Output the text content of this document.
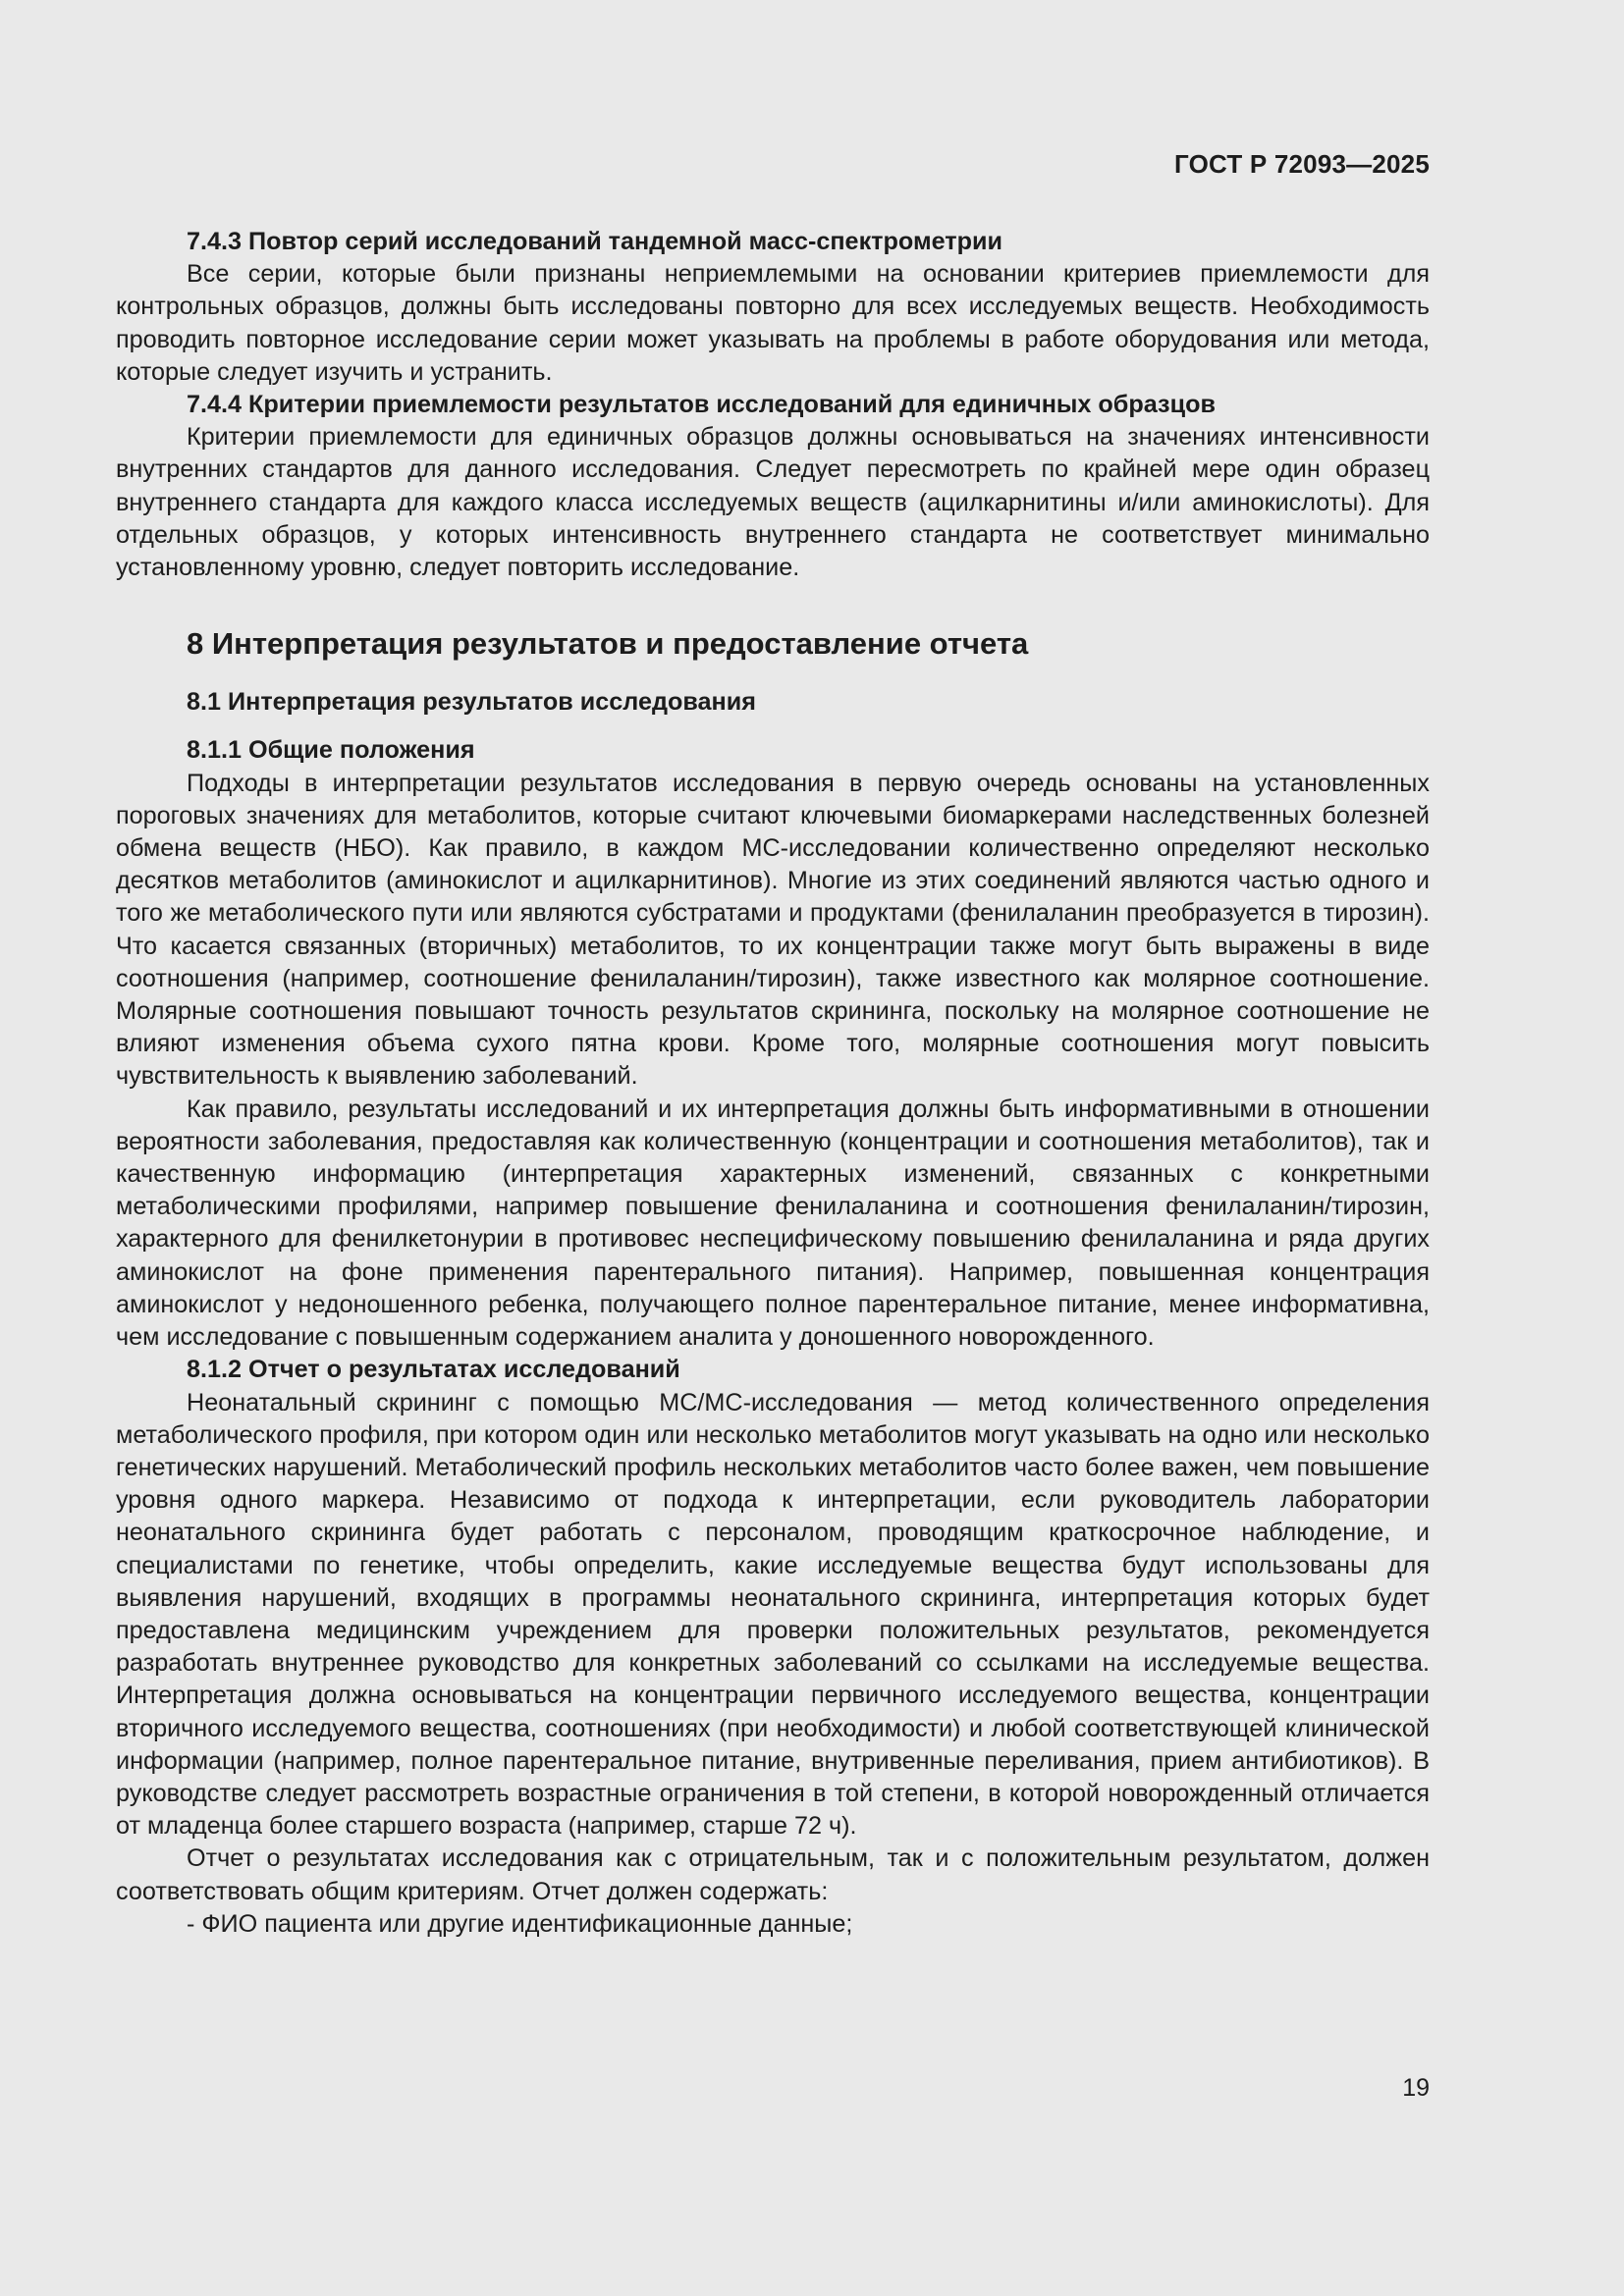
ГОСТ Р 72093—2025
7.4.3 Повтор серий исследований тандемной масс-спектрометрии

Все серии, которые были признаны неприемлемыми на основании критериев приемлемости для контрольных образцов, должны быть исследованы повторно для всех исследуемых веществ. Необходимость проводить повторное исследование серии может указывать на проблемы в работе оборудования или метода, которые следует изучить и устранить.

7.4.4 Критерии приемлемости результатов исследований для единичных образцов

Критерии приемлемости для единичных образцов должны основываться на значениях интенсивности внутренних стандартов для данного исследования. Следует пересмотреть по крайней мере один образец внутреннего стандарта для каждого класса исследуемых веществ (ацилкарнитины и/или аминокислоты). Для отдельных образцов, у которых интенсивность внутреннего стандарта не соответствует минимально установленному уровню, следует повторить исследование.

8 Интерпретация результатов и предоставление отчета
8.1 Интерпретация результатов исследования
8.1.1 Общие положения

Подходы в интерпретации результатов исследования в первую очередь основаны на установленных пороговых значениях для метаболитов, которые считают ключевыми биомаркерами наследственных болезней обмена веществ (НБО). Как правило, в каждом МС-исследовании количественно определяют несколько десятков метаболитов (аминокислот и ацилкарнитинов). Многие из этих соединений являются частью одного и того же метаболического пути или являются субстратами и продуктами (фенилаланин преобразуется в тирозин). Что касается связанных (вторичных) метаболитов, то их концентрации также могут быть выражены в виде соотношения (например, соотношение фенилаланин/тирозин), также известного как молярное соотношение. Молярные соотношения повышают точность результатов скрининга, поскольку на молярное соотношение не влияют изменения объема сухого пятна крови. Кроме того, молярные соотношения могут повысить чувствительность к выявлению заболеваний.

Как правило, результаты исследований и их интерпретация должны быть информативными в отношении вероятности заболевания, предоставляя как количественную (концентрации и соотношения метаболитов), так и качественную информацию (интерпретация характерных изменений, связанных с конкретными метаболическими профилями, например повышение фенилаланина и соотношения фенилаланин/тирозин, характерного для фенилкетонурии в противовес неспецифическому повышению фенилаланина и ряда других аминокислот на фоне применения парентерального питания). Например, повышенная концентрация аминокислот у недоношенного ребенка, получающего полное парентеральное питание, менее информативна, чем исследование с повышенным содержанием аналита у доношенного новорожденного.

8.1.2 Отчет о результатах исследований

Неонатальный скрининг с помощью МС/МС-исследования — метод количественного определения метаболического профиля, при котором один или несколько метаболитов могут указывать на одно или несколько генетических нарушений. Метаболический профиль нескольких метаболитов часто более важен, чем повышение уровня одного маркера. Независимо от подхода к интерпретации, если руководитель лаборатории неонатального скрининга будет работать с персоналом, проводящим краткосрочное наблюдение, и специалистами по генетике, чтобы определить, какие исследуемые вещества будут использованы для выявления нарушений, входящих в программы неонатального скрининга, интерпретация которых будет предоставлена медицинским учреждением для проверки положительных результатов, рекомендуется разработать внутреннее руководство для конкретных заболеваний со ссылками на исследуемые вещества. Интерпретация должна основываться на концентрации первичного исследуемого вещества, концентрации вторичного исследуемого вещества, соотношениях (при необходимости) и любой соответствующей клинической информации (например, полное парентеральное питание, внутривенные переливания, прием антибиотиков). В руководстве следует рассмотреть возрастные ограничения в той степени, в которой новорожденный отличается от младенца более старшего возраста (например, старше 72 ч).

Отчет о результатах исследования как с отрицательным, так и с положительным результатом, должен соответствовать общим критериям. Отчет должен содержать:

- ФИО пациента или другие идентификационные данные;
19
